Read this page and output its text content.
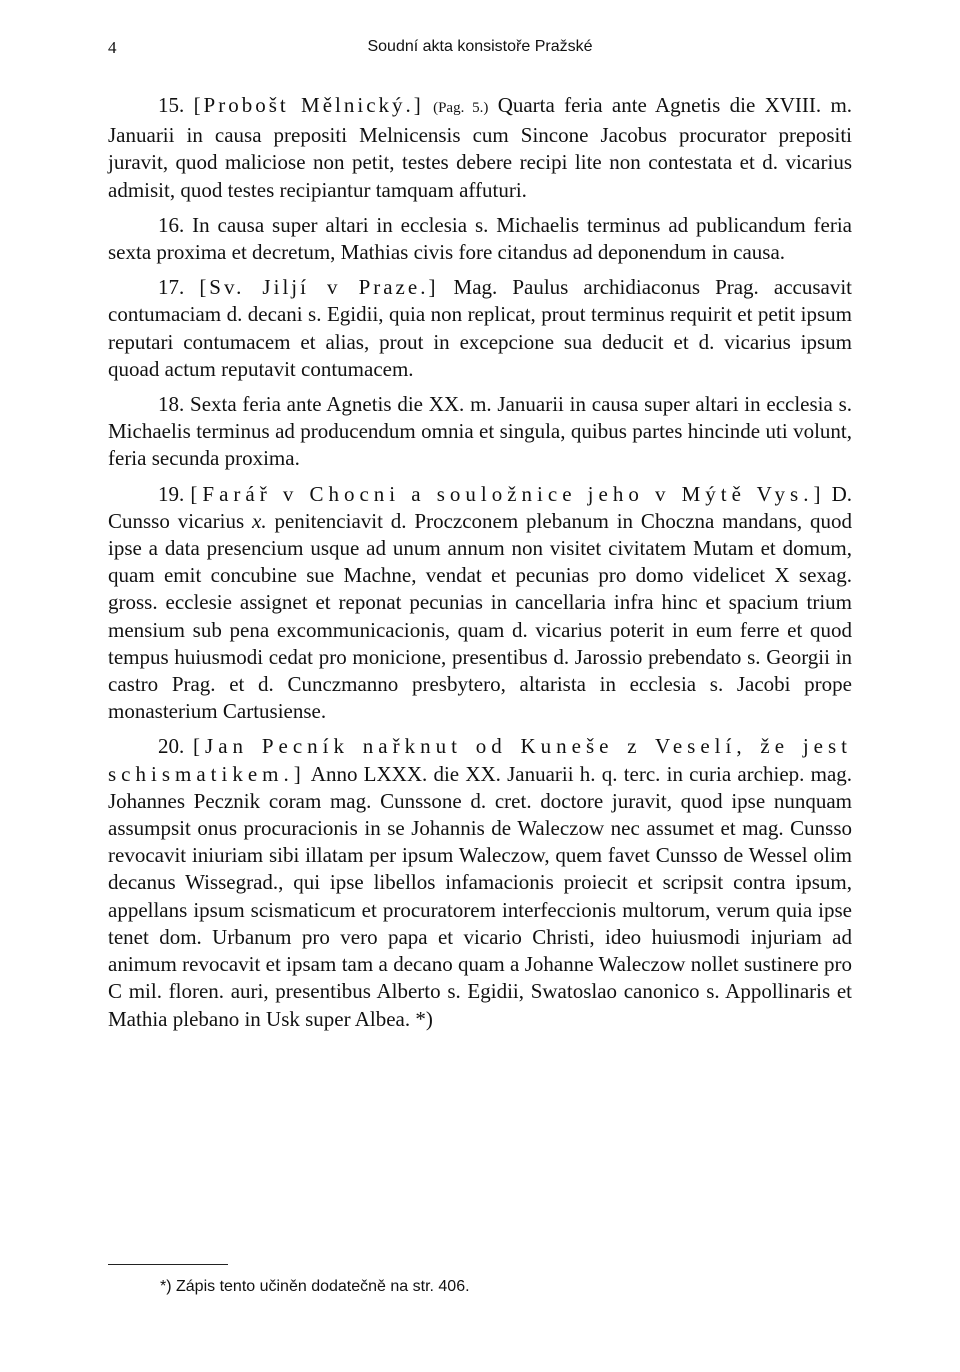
4	Soudní akta konsistoře Pražské

15. [Probošt Mělnický.] (Pag. 5.) Quarta feria ante Agnetis die XVIII. m. Januarii in causa prepositi Melnicensis cum Sincone Jacobus procurator prepositi juravit, quod maliciose non petit, testes debere recipi lite non contestata et d. vicarius admisit, quod testes recipiantur tamquam affuturi.

16. In causa super altari in ecclesia s. Michaelis terminus ad publicandum feria sexta proxima et decretum, Mathias civis fore citandus ad deponendum in causa.

17. [Sv. Jiljí v Praze.] Mag. Paulus archidiaconus Prag. accusavit contumaciam d. decani s. Egidii, quia non replicat, prout terminus requirit et petit ipsum reputari contumacem et alias, prout in excepcione sua deducit et d. vicarius ipsum quoad actum reputavit contumacem.

18. Sexta feria ante Agnetis die XX. m. Januarii in causa super altari in ecclesia s. Michaelis terminus ad producendum omnia et singula, quibus partes hincinde uti volunt, feria secunda proxima.

19. [Farář v Chocni a souložnice jeho v Mýtě Vys.] D. Cunsso vicarius x. penitenciavit d. Proczconem plebanum in Choczna mandans, quod ipse a data presencium usque ad unum annum non visitet civitatem Mutam et domum, quam emit concubine sue Machne, vendat et pecunias pro domo videlicet X sexag. gross. ecclesie assignet et reponat pecunias in cancellaria infra hinc et spacium trium mensium sub pena excommunicacionis, quam d. vicarius poterit in eum ferre et quod tempus huiusmodi cedat pro monicione, presentibus d. Jarossio prebendato s. Georgii in castro Prag. et d. Cunczmanno presbytero, altarista in ecclesia s. Jacobi prope monasterium Cartusiense.

20. [Jan Pecník nařknut od Kuneše z Veselí, že jest schismatikem.] Anno LXXX. die XX. Januarii h. q. terc. in curia archiep. mag. Johannes Pecznik coram mag. Cunssone d. cret. doctore juravit, quod ipse nunquam assumpsit onus procuracionis in se Johannis de Waleczow nec assumet et mag. Cunsso revocavit iniuriam sibi illatam per ipsum Waleczow, quem favet Cunsso de Wessel olim decanus Wissegrad., qui ipse libellos infamacionis proiecit et scripsit contra ipsum, appellans ipsum scismaticum et procuratorem interfeccionis multorum, verum quia ipse tenet dom. Urbanum pro vero papa et vicario Christi, ideo huiusmodi injuriam ad animum revocavit et ipsam tam a decano quam a Johanne Waleczow nollet sustinere pro C mil. floren. auri, presentibus Alberto s. Egidii, Swatoslao canonico s. Appollinaris et Mathia plebano in Usk super Albea. *)

*) Zápis tento učiněn dodatečně na str. 406.
